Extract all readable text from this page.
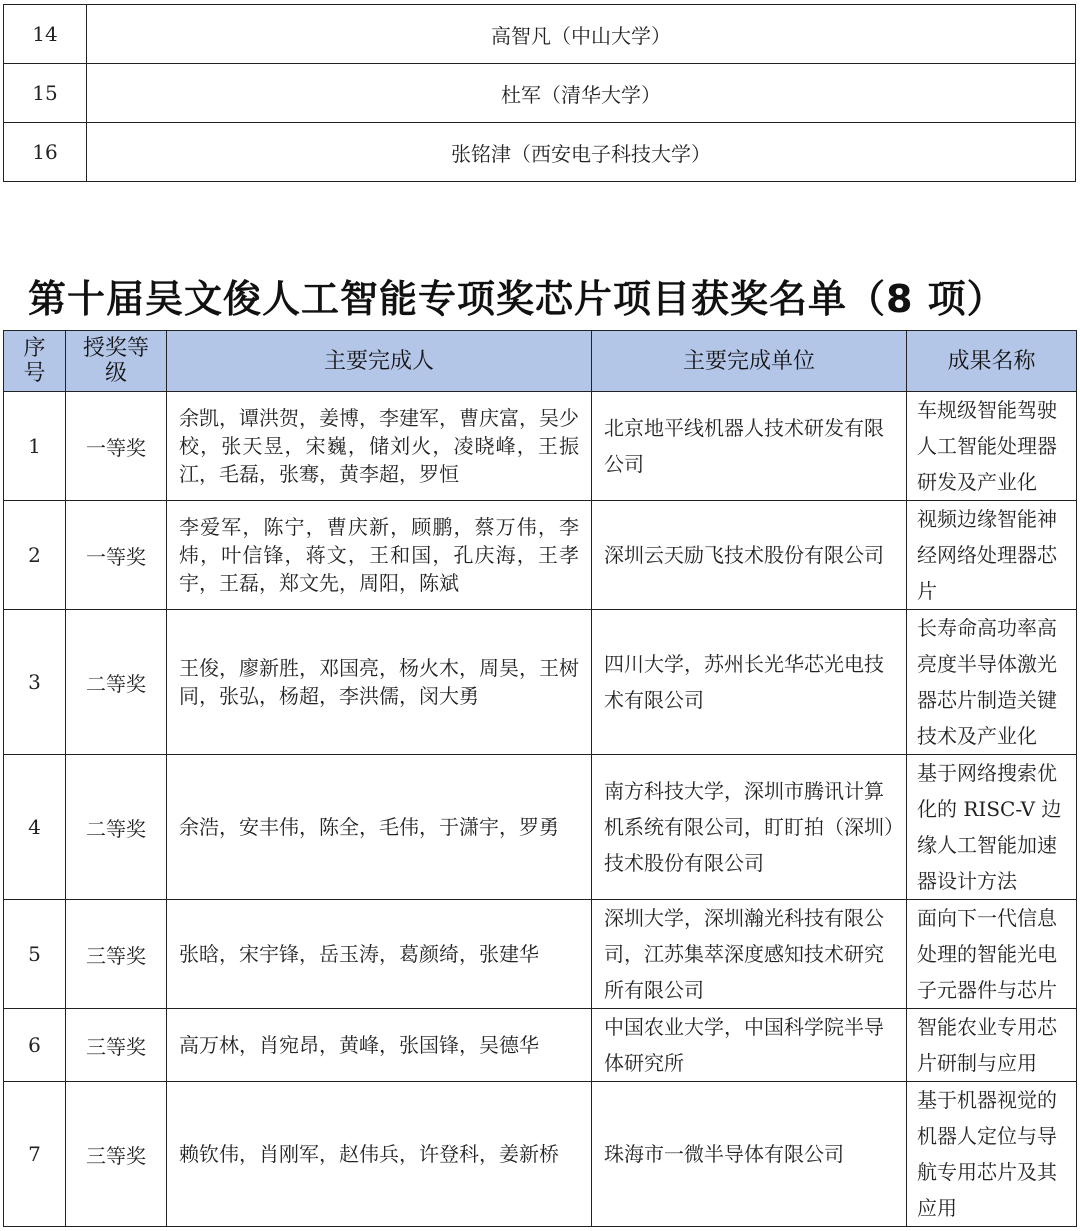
14	高智凡（中山大学）
15	杜军（清华大学）
16	张铭津（西安电子科技大学）
第十届吴文俊人工智能专项奖芯片项目获奖名单（8 项）
序号	授奖等级	主要完成人	主要完成单位	成果名称
1	一等奖	余凯，谭洪贺，姜博，李建军，曹庆富，吴少校，张天昱，宋巍，储刘火，凌晓峰，王振江，毛磊，张骞，黄李超，罗恒	北京地平线机器人技术研发有限公司	车规级智能驾驶人工智能处理器研发及产业化
2	一等奖	李爱军，陈宁，曹庆新，顾鹏，蔡万伟，李炜，叶信锋，蒋文，王和国，孔庆海，王孝宇，王磊，郑文先，周阳，陈斌	深圳云天励飞技术股份有限公司	视频边缘智能神经网络处理器芯片
3	二等奖	王俊，廖新胜，邓国亮，杨火木，周昊，王树同，张弘，杨超，李洪儒，闵大勇	四川大学，苏州长光华芯光电技术有限公司	长寿命高功率高亮度半导体激光器芯片制造关键技术及产业化
4	二等奖	余浩，安丰伟，陈全，毛伟，于潇宇，罗勇	南方科技大学，深圳市腾讯计算机系统有限公司，盯盯拍（深圳）技术股份有限公司	基于网络搜索优化的 RISC-V 边缘人工智能加速器设计方法
5	三等奖	张晗，宋宇锋，岳玉涛，葛颜绮，张建华	深圳大学，深圳瀚光科技有限公司，江苏集萃深度感知技术研究所有限公司	面向下一代信息处理的智能光电子元器件与芯片
6	三等奖	高万林，肖宛昂，黄峰，张国锋，吴德华	中国农业大学，中国科学院半导体研究所	智能农业专用芯片研制与应用
7	三等奖	赖钦伟，肖刚军，赵伟兵，许登科，姜新桥	珠海市一微半导体有限公司	基于机器视觉的机器人定位与导航专用芯片及其应用
